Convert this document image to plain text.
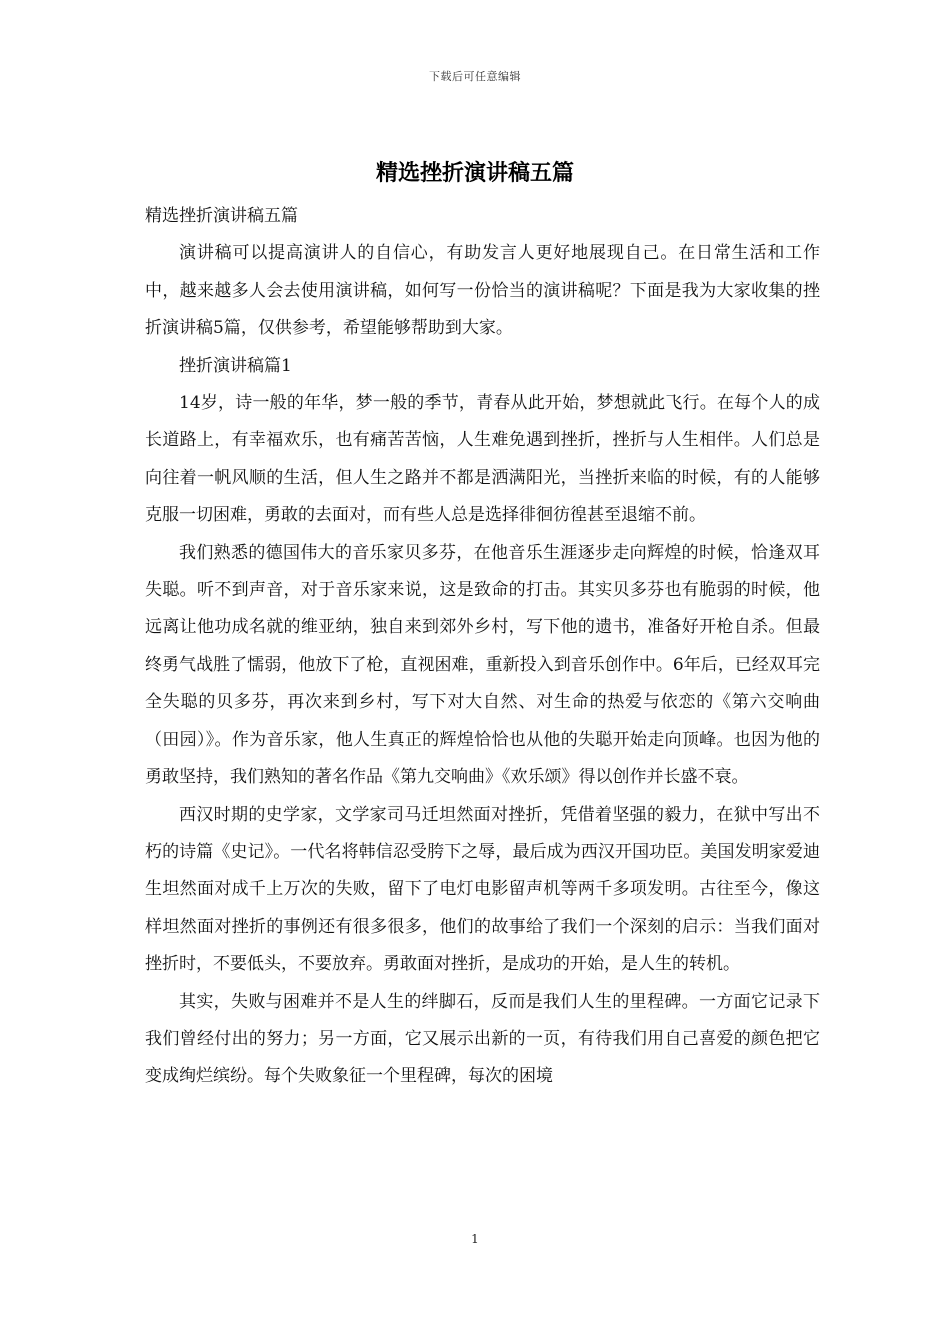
下载后可任意编辑
精选挫折演讲稿五篇

精选挫折演讲稿五篇

演讲稿可以提高演讲人的自信心，有助发言人更好地展现自己。在日常生活和工作中，越来越多人会去使用演讲稿，如何写一份恰当的演讲稿呢？下面是我为大家收集的挫折演讲稿5篇，仅供参考，希望能够帮助到大家。

挫折演讲稿篇1

14岁，诗一般的年华，梦一般的季节，青春从此开始，梦想就此飞行。在每个人的成长道路上，有幸福欢乐，也有痛苦苦恼，人生难免遇到挫折，挫折与人生相伴。人们总是向往着一帆风顺的生活，但人生之路并不都是洒满阳光，当挫折来临的时候，有的人能够克服一切困难，勇敢的去面对，而有些人总是选择徘徊彷徨甚至退缩不前。

我们熟悉的德国伟大的音乐家贝多芬，在他音乐生涯逐步走向辉煌的时候，恰逢双耳失聪。听不到声音，对于音乐家来说，这是致命的打击。其实贝多芬也有脆弱的时候，他远离让他功成名就的维亚纳，独自来到郊外乡村，写下他的遗书，准备好开枪自杀。但最终勇气战胜了懦弱，他放下了枪，直视困难，重新投入到音乐创作中。6年后，已经双耳完全失聪的贝多芬，再次来到乡村，写下对大自然、对生命的热爱与依恋的《第六交响曲（田园）》。作为音乐家，他人生真正的辉煌恰恰也从他的失聪开始走向顶峰。也因为他的勇敢坚持，我们熟知的著名作品《第九交响曲》《欢乐颂》得以创作并长盛不衰。

西汉时期的史学家，文学家司马迁坦然面对挫折，凭借着坚强的毅力，在狱中写出不朽的诗篇《史记》。一代名将韩信忍受胯下之辱，最后成为西汉开国功臣。美国发明家爱迪生坦然面对成千上万次的失败，留下了电灯电影留声机等两千多项发明。古往至今，像这样坦然面对挫折的事例还有很多很多，他们的故事给了我们一个深刻的启示：当我们面对挫折时，不要低头，不要放弃。勇敢面对挫折，是成功的开始，是人生的转机。

其实，失败与困难并不是人生的绊脚石，反而是我们人生的里程碑。一方面它记录下我们曾经付出的努力；另一方面，它又展示出新的一页，有待我们用自己喜爱的颜色把它变成绚烂缤纷。每个失败象征一个里程碑，每次的困境

1
